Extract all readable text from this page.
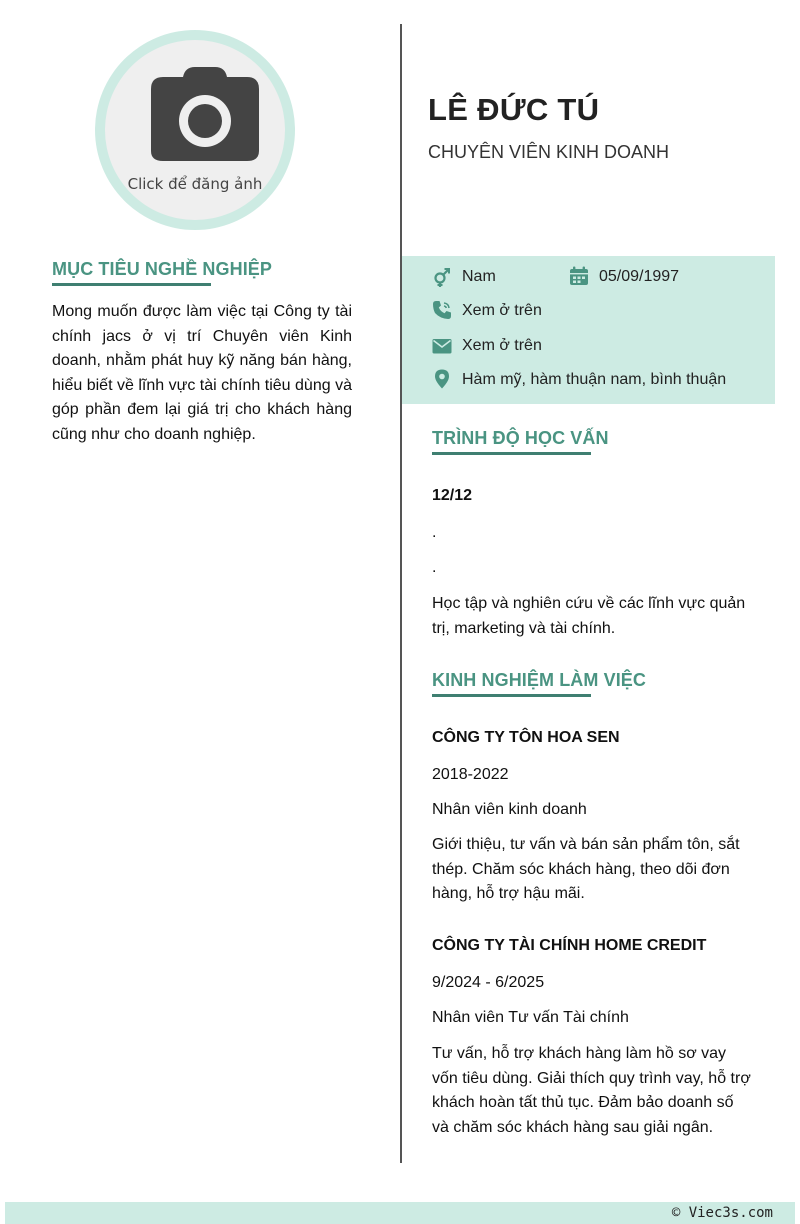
Click để đăng ảnh
LÊ ĐỨC TÚ
CHUYÊN VIÊN KINH DOANH
MỤC TIÊU NGHỀ NGHIỆP
Mong muốn được làm việc tại Công ty tài chính jacs ở vị trí Chuyên viên Kinh doanh, nhằm phát huy kỹ năng bán hàng, hiểu biết về lĩnh vực tài chính tiêu dùng và góp phần đem lại giá trị cho khách hàng cũng như cho doanh nghiệp.
Nam	05/09/1997
Xem ở trên
Xem ở trên
Hàm mỹ, hàm thuận nam, bình thuận
TRÌNH ĐỘ HỌC VẤN
12/12
.
.
Học tập và nghiên cứu về các lĩnh vực quản trị, marketing và tài chính.
KINH NGHIỆM LÀM VIỆC
CÔNG TY TÔN HOA SEN
2018-2022
Nhân viên kinh doanh
Giới thiệu, tư vấn và bán sản phẩm tôn, sắt thép. Chăm sóc khách hàng, theo dõi đơn hàng, hỗ trợ hậu mãi.
CÔNG TY TÀI CHÍNH HOME CREDIT
9/2024 - 6/2025
Nhân viên Tư vấn Tài chính
Tư vấn, hỗ trợ khách hàng làm hồ sơ vay vốn tiêu dùng. Giải thích quy trình vay, hỗ trợ khách hoàn tất thủ tục. Đảm bảo doanh số và chăm sóc khách hàng sau giải ngân.
© Viec3s.com
